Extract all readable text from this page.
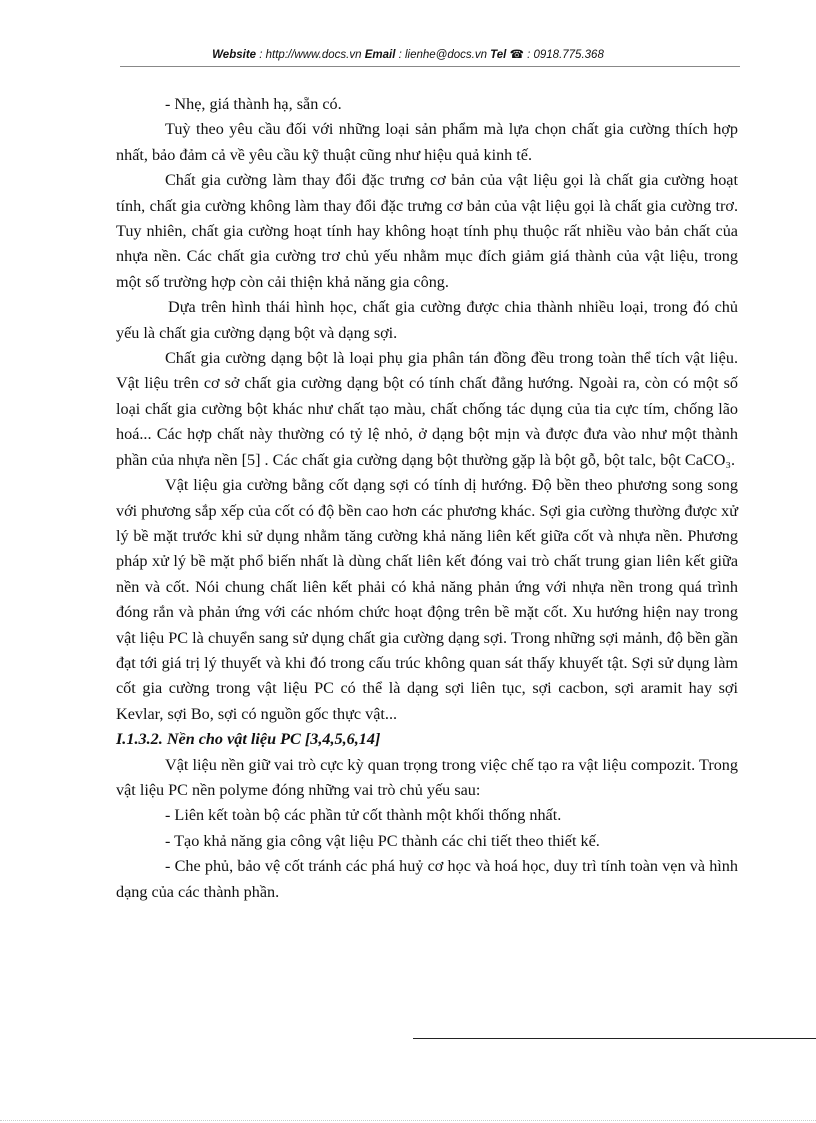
Website : http://www.docs.vn Email : lienhe@docs.vn Tel ☎ : 0918.775.368

- Nhẹ, giá thành hạ, sẵn có.

Tuỳ theo yêu cầu đối với những loại sản phẩm mà lựa chọn chất gia cường thích hợp nhất, bảo đảm cả về yêu cầu kỹ thuật cũng như hiệu quả kinh tế.

Chất gia cường làm thay đổi đặc trưng cơ bản của vật liệu gọi là chất gia cường hoạt tính, chất gia cường không làm thay đổi đặc trưng cơ bản của vật liệu gọi là chất gia cường trơ. Tuy nhiên, chất gia cường hoạt tính hay không hoạt tính phụ thuộc rất nhiều vào bản chất của nhựa nền. Các chất gia cường trơ chủ yếu nhằm mục đích giảm giá thành của vật liệu, trong một số trường hợp còn cải thiện khả năng gia công.

Dựa trên hình thái hình học, chất gia cường được chia thành nhiều loại, trong đó chủ yếu là chất gia cường dạng bột và dạng sợi.

Chất gia cường dạng bột là loại phụ gia phân tán đồng đều trong toàn thể tích vật liệu. Vật liệu trên cơ sở chất gia cường dạng bột có tính chất đẳng hướng. Ngoài ra, còn có một số loại chất gia cường bột khác như chất tạo màu, chất chống tác dụng của tia cực tím, chống lão hoá... Các hợp chất này thường có tỷ lệ nhỏ, ở dạng bột mịn và được đưa vào như một thành phần của nhựa nền [5] . Các chất gia cường dạng bột thường gặp là bột gỗ, bột talc, bột CaCO₃.

Vật liệu gia cường bằng cốt dạng sợi có tính dị hướng. Độ bền theo phương song song với phương sắp xếp của cốt có độ bền cao hơn các phương khác. Sợi gia cường thường được xử lý bề mặt trước khi sử dụng nhằm tăng cường khả năng liên kết giữa cốt và nhựa nền. Phương pháp xử lý bề mặt phổ biến nhất là dùng chất liên kết đóng vai trò chất trung gian liên kết giữa nền và cốt. Nói chung chất liên kết phải có khả năng phản ứng với nhựa nền trong quá trình đóng rắn và phản ứng với các nhóm chức hoạt động trên bề mặt cốt. Xu hướng hiện nay trong vật liệu PC là chuyển sang sử dụng chất gia cường dạng sợi. Trong những sợi mảnh, độ bền gần đạt tới giá trị lý thuyết và khi đó trong cấu trúc không quan sát thấy khuyết tật. Sợi sử dụng làm cốt gia cường trong vật liệu PC có thể là dạng sợi liên tục, sợi cacbon, sợi aramit hay sợi Kevlar, sợi Bo, sợi có nguồn gốc thực vật...

I.1.3.2. Nền cho vật liệu PC [3,4,5,6,14]

Vật liệu nền giữ vai trò cực kỳ quan trọng trong việc chế tạo ra vật liệu compozit. Trong vật liệu PC nền polyme đóng những vai trò chủ yếu sau:

- Liên kết toàn bộ các phần tử cốt thành một khối thống nhất.

- Tạo khả năng gia công vật liệu PC thành các chi tiết theo thiết kế.

- Che phủ, bảo vệ cốt tránh các phá huỷ cơ học và hoá học, duy trì tính toàn vẹn và hình dạng của các thành phần.
